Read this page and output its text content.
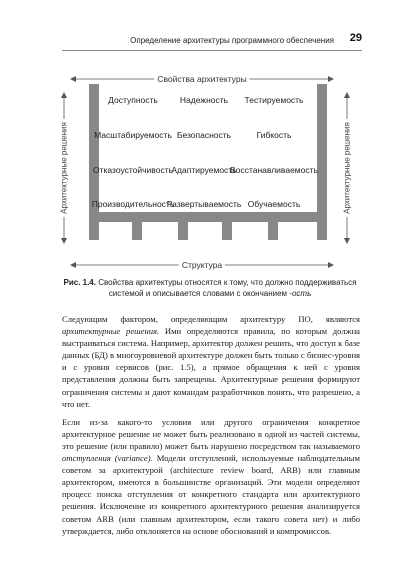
Определение архитектуры программного обеспечения 29
Свойства архитектуры
Структура
Архитектурные решения	Архитектурные решения
Доступность	Надежность Тестируемость
Масштабируемость Безопасность	Гибкость
Отказоустойчивость
Адаптируемость
Восстанавливаемость
Производительность
Развертываемость Обучаемость
Рис. 1.4. Свойства архитектуры относятся к тому, что должно поддерживаться системой и описывается словами с окончанием -ость

Следующим фактором, определяющим архитектуру ПО, являются архитектурные решения. Ими определяются правила, по которым должна выстраиваться система. Например, архитектор должен решить, что доступ к базе данных (БД) в многоуровневой архитектуре должен быть только с бизнес-уровня и с уровня сервисов (рис. 1.5), а прямое обращения к ней с уровня представления должны быть запрещены. Архитектурные решения формируют ограничения системы и дают командам разработчиков понять, что разрешено, а что нет.

Если из-за какого-то условия или другого ограничения конкретное архитектурное решение не может быть реализовано в одной из частей системы, это решение (или правило) может быть нарушено посредством так называемого отступления (variance). Модели отступлений, используемые наблюдательным советом за архитектурой (architecture review board, ARB) или главным архитектором, имеются в большинстве организаций. Эти модели определяют процесс поиска отступления от конкретного стандарта или архитектурного решения. Исключение из конкретного архитектурного решения анализируется советом ARB (или главным архитектором, если такого совета нет) и либо утверждается, либо отклоняется на основе обоснований и компромиссов.
